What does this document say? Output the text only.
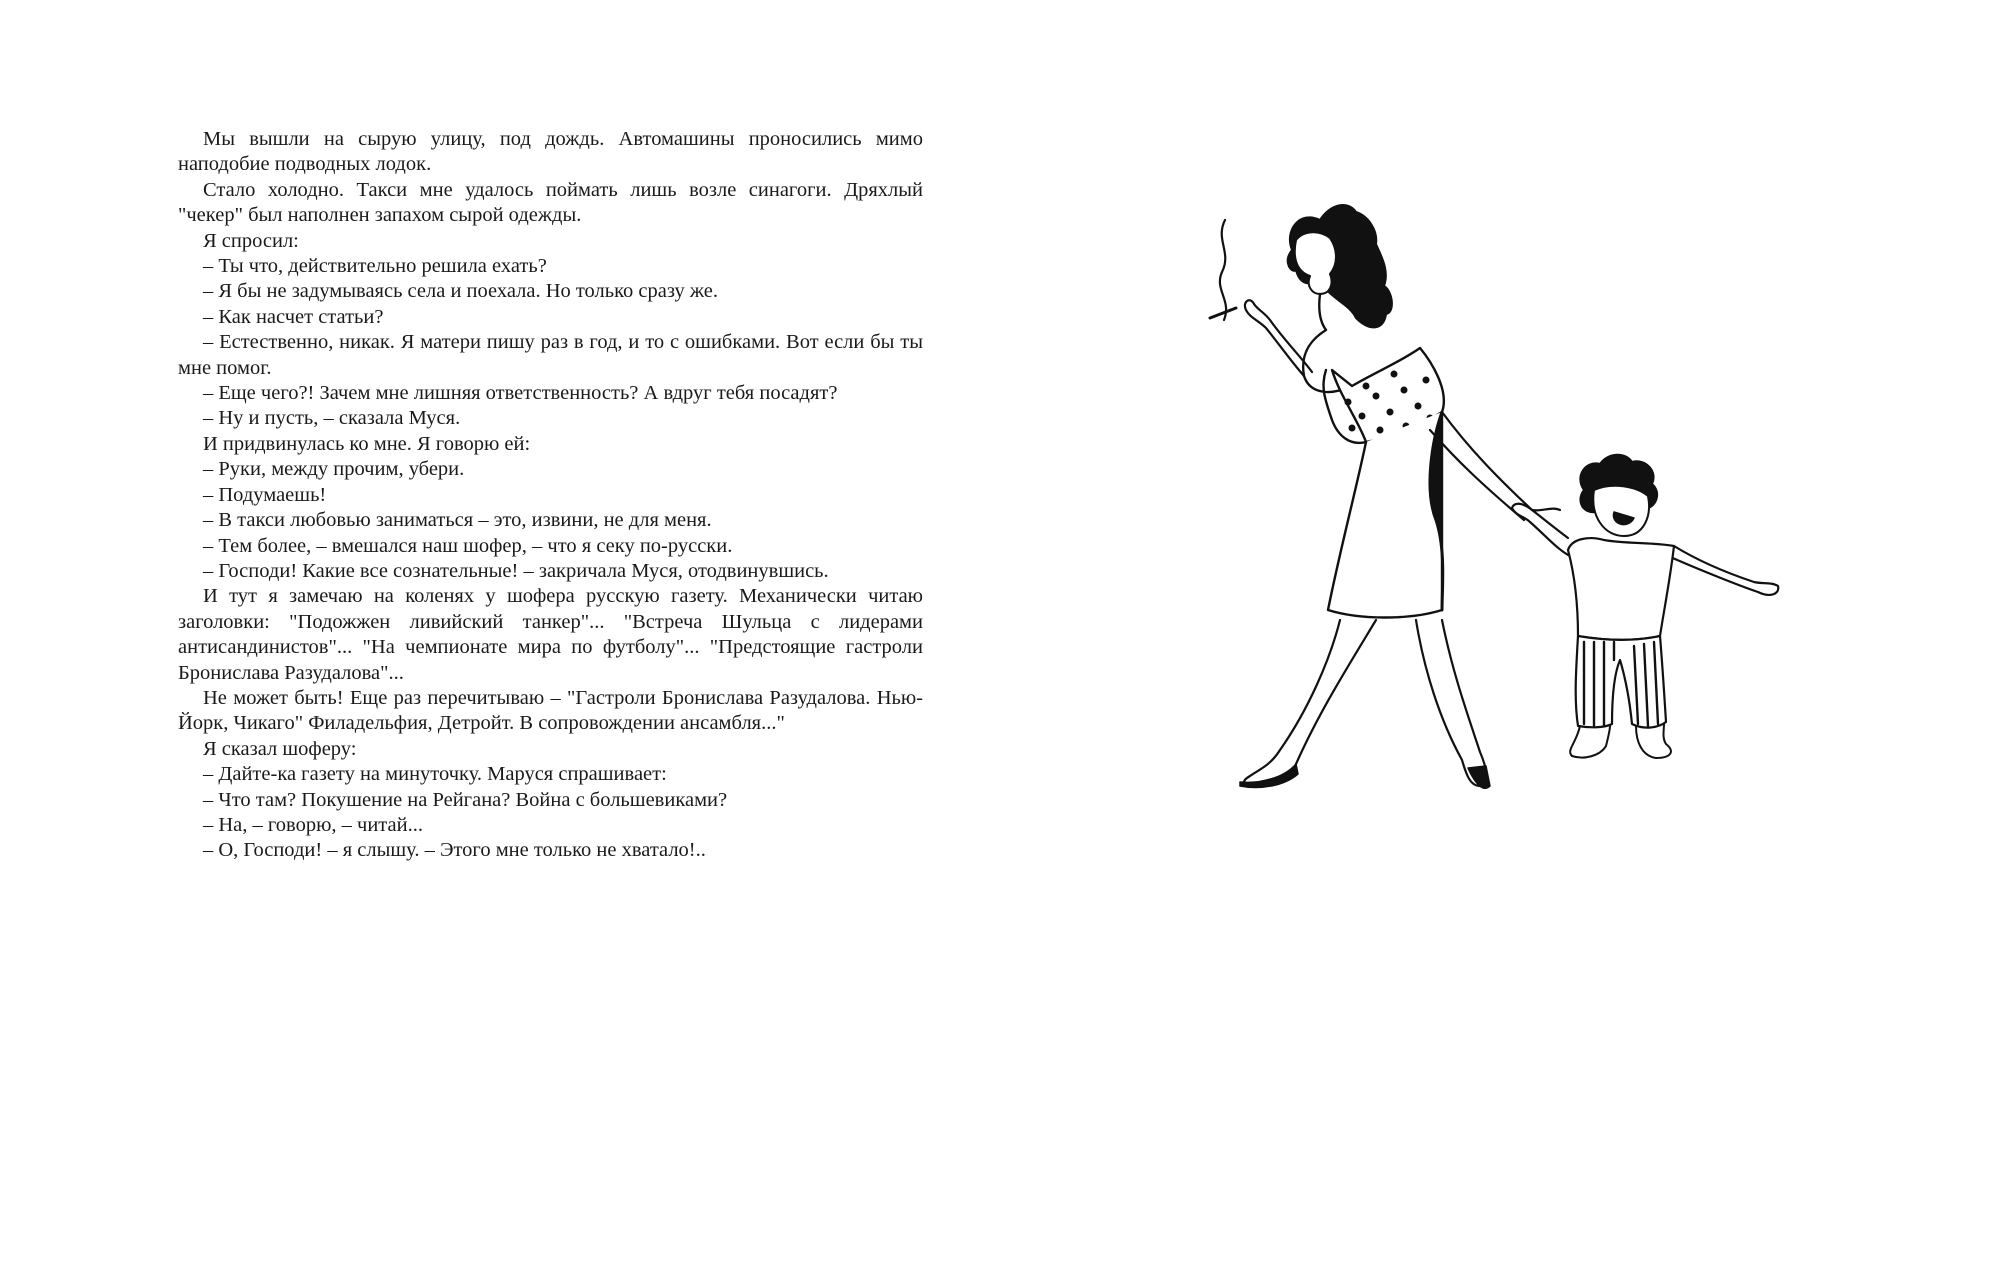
Мы вышли на сырую улицу, под дождь. Автомашины проносились мимо наподобие подводных лодок.

Стало холодно. Такси мне удалось поймать лишь возле синагоги. Дряхлый "чекер" был наполнен запахом сырой одежды.

Я спросил:

– Ты что, действительно решила ехать?

– Я бы не задумываясь села и поехала. Но только сразу же.

– Как насчет статьи?

– Естественно, никак. Я матери пишу раз в год, и то с ошибками. Вот если бы ты мне помог.

– Еще чего?! Зачем мне лишняя ответственность? А вдруг тебя посадят?

– Ну и пусть, – сказала Муся.

И придвинулась ко мне. Я говорю ей:

– Руки, между прочим, убери.

– Подумаешь!

– В такси любовью заниматься – это, извини, не для меня.

– Тем более, – вмешался наш шофер, – что я секу по-русски.

– Господи! Какие все сознательные! – закричала Муся, отодвинувшись.

И тут я замечаю на коленях у шофера русскую газету. Механически читаю заголовки: "Подожжен ливийский танкер"... "Встреча Шульца с лидерами антисандинистов"... "На чемпионате мира по футболу"... "Предстоящие гастроли Бронислава Разудалова"...

Не может быть! Еще раз перечитываю – "Гастроли Бронислава Разудалова. Нью-Йорк, Чикаго" Филадельфия, Детройт. В сопровождении ансамбля..."

Я сказал шоферу:

– Дайте-ка газету на минуточку. Маруся спрашивает:

– Что там? Покушение на Рейгана? Война с большевиками?

– На, – говорю, – читай...

– О, Господи! – я слышу. – Этого мне только не хватало!..
